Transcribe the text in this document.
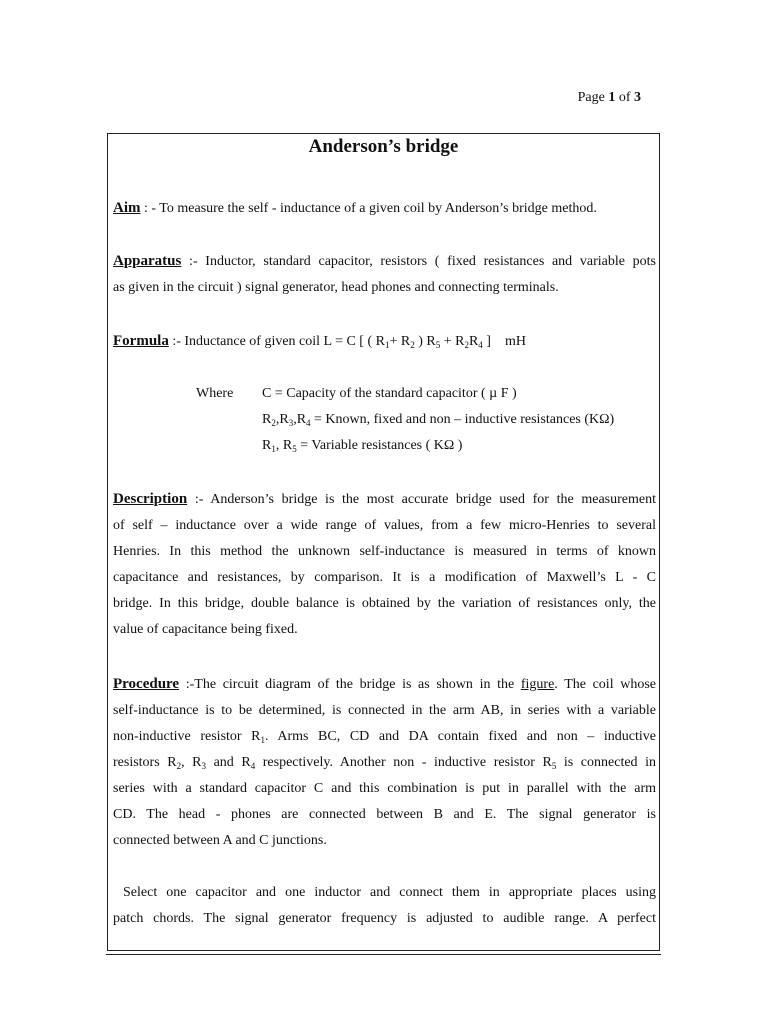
Page 1 of 3
Anderson’s bridge
Aim : - To measure the self - inductance of a given coil by Anderson’s bridge method.
Apparatus :- Inductor, standard capacitor, resistors ( fixed resistances and variable pots
as given in the circuit ) signal generator, head phones and connecting terminals.
Formula :- Inductance of given coil L = C [ ( $R_1+ R_2$ ) $R_5 + R_2R_4$ ]    mH
Where C = Capacity of the standard capacitor ( µ F )
$R_2,R_3,R_4$ = Known, fixed and non – inductive resistances (KΩ)
$R_1$, $R_5$ = Variable resistances ( KΩ )
Description :- Anderson’s bridge is the most accurate bridge used for the measurement
of self – inductance over a wide range of values, from a few micro-Henries to several
Henries. In this method the unknown self-inductance is measured in terms of known
capacitance and resistances, by comparison. It is a modification of Maxwell’s L - C
bridge. In this bridge, double balance is obtained by the variation of resistances only, the
value of capacitance being fixed.
Procedure :-The circuit diagram of the bridge is as shown in the figure. The coil whose
self-inductance is to be determined, is connected in the arm AB, in series with a variable
non-inductive resistor $R_1$. Arms BC, CD and DA contain fixed and non – inductive
resistors $R_2$, $R_3$ and $R_4$ respectively. Another non - inductive resistor $R_5$ is connected in
series with a standard capacitor C and this combination is put in parallel with the arm
CD. The head - phones are connected between B and E. The signal generator is
connected between A and C junctions.
Select one capacitor and one inductor and connect them in appropriate places using
patch chords. The signal generator frequency is adjusted to audible range. A perfect
